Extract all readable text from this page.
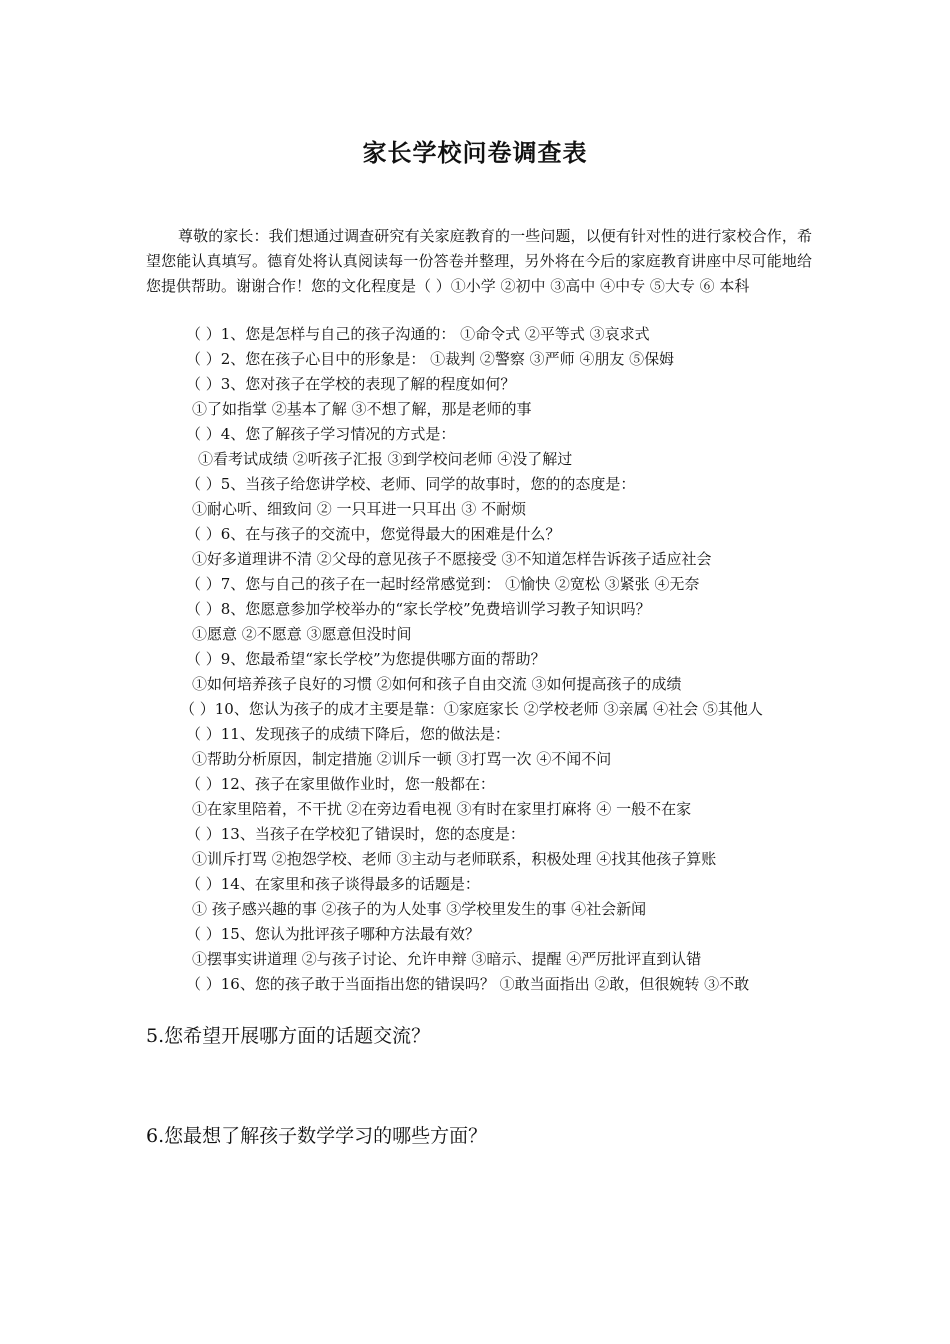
家长学校问卷调查表
尊敬的家长：我们想通过调查研究有关家庭教育的一些问题，以便有针对性的进行家校合作，希望您能认真填写。德育处将认真阅读每一份答卷并整理，另外将在今后的家庭教育讲座中尽可能地给您提供帮助。谢谢合作！您的文化程度是（ ）①小学 ②初中 ③高中 ④中专 ⑤大专 ⑥ 本科
（ ）1、您是怎样与自己的孩子沟通的： ①命令式 ②平等式 ③哀求式
（ ）2、您在孩子心目中的形象是： ①裁判 ②警察 ③严师 ④朋友 ⑤保姆
（ ）3、您对孩子在学校的表现了解的程度如何？
①了如指掌 ②基本了解 ③不想了解，那是老师的事
（ ）4、您了解孩子学习情况的方式是：
①看考试成绩 ②听孩子汇报 ③到学校问老师 ④没了解过
（ ）5、当孩子给您讲学校、老师、同学的故事时，您的的态度是：
①耐心听、细致问 ② 一只耳进一只耳出 ③ 不耐烦
（ ）6、在与孩子的交流中，您觉得最大的困难是什么？
①好多道理讲不清 ②父母的意见孩子不愿接受 ③不知道怎样告诉孩子适应社会
（ ）7、您与自己的孩子在一起时经常感觉到： ①愉快 ②宽松 ③紧张 ④无奈
（ ）8、您愿意参加学校举办的“家长学校”免费培训学习教子知识吗？
①愿意 ②不愿意 ③愿意但没时间
（ ）9、您最希望“家长学校”为您提供哪方面的帮助？
①如何培养孩子良好的习惯 ②如何和孩子自由交流 ③如何提高孩子的成绩
（ ）10、您认为孩子的成才主要是靠：①家庭家长 ②学校老师 ③亲属 ④社会 ⑤其他人
（ ）11、发现孩子的成绩下降后，您的做法是：
①帮助分析原因，制定措施 ②训斥一顿 ③打骂一次 ④不闻不问
（ ）12、孩子在家里做作业时，您一般都在：
①在家里陪着，不干扰 ②在旁边看电视 ③有时在家里打麻将 ④ 一般不在家
（ ）13、当孩子在学校犯了错误时，您的态度是：
①训斥打骂 ②抱怨学校、老师 ③主动与老师联系，积极处理 ④找其他孩子算账
（ ）14、在家里和孩子谈得最多的话题是：
① 孩子感兴趣的事 ②孩子的为人处事 ③学校里发生的事 ④社会新闻
（ ）15、您认为批评孩子哪种方法最有效？
①摆事实讲道理 ②与孩子讨论、允许申辩 ③暗示、提醒 ④严厉批评直到认错
（ ）16、您的孩子敢于当面指出您的错误吗？ ①敢当面指出 ②敢，但很婉转 ③不敢
5.您希望开展哪方面的话题交流？
6.您最想了解孩子数学学习的哪些方面？
